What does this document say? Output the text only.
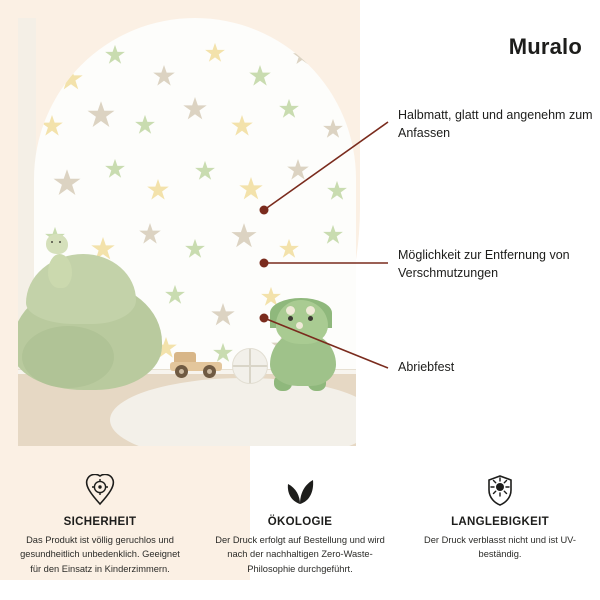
Muralo
Halbmatt, glatt und angenehm zum Anfassen
Möglichkeit zur Entfernung von Verschmutzungen
Abriebfest
SICHERHEIT
Das Produkt ist völlig geruchlos und gesundheitlich unbedenklich. Geeignet für den Einsatz in Kinderzimmern.
ÖKOLOGIE
Der Druck erfolgt auf Bestellung und wird nach der nachhaltigen Zero-Waste-Philosophie durchgeführt.
LANGLEBIGKEIT
Der Druck verblasst nicht und ist UV-beständig.
